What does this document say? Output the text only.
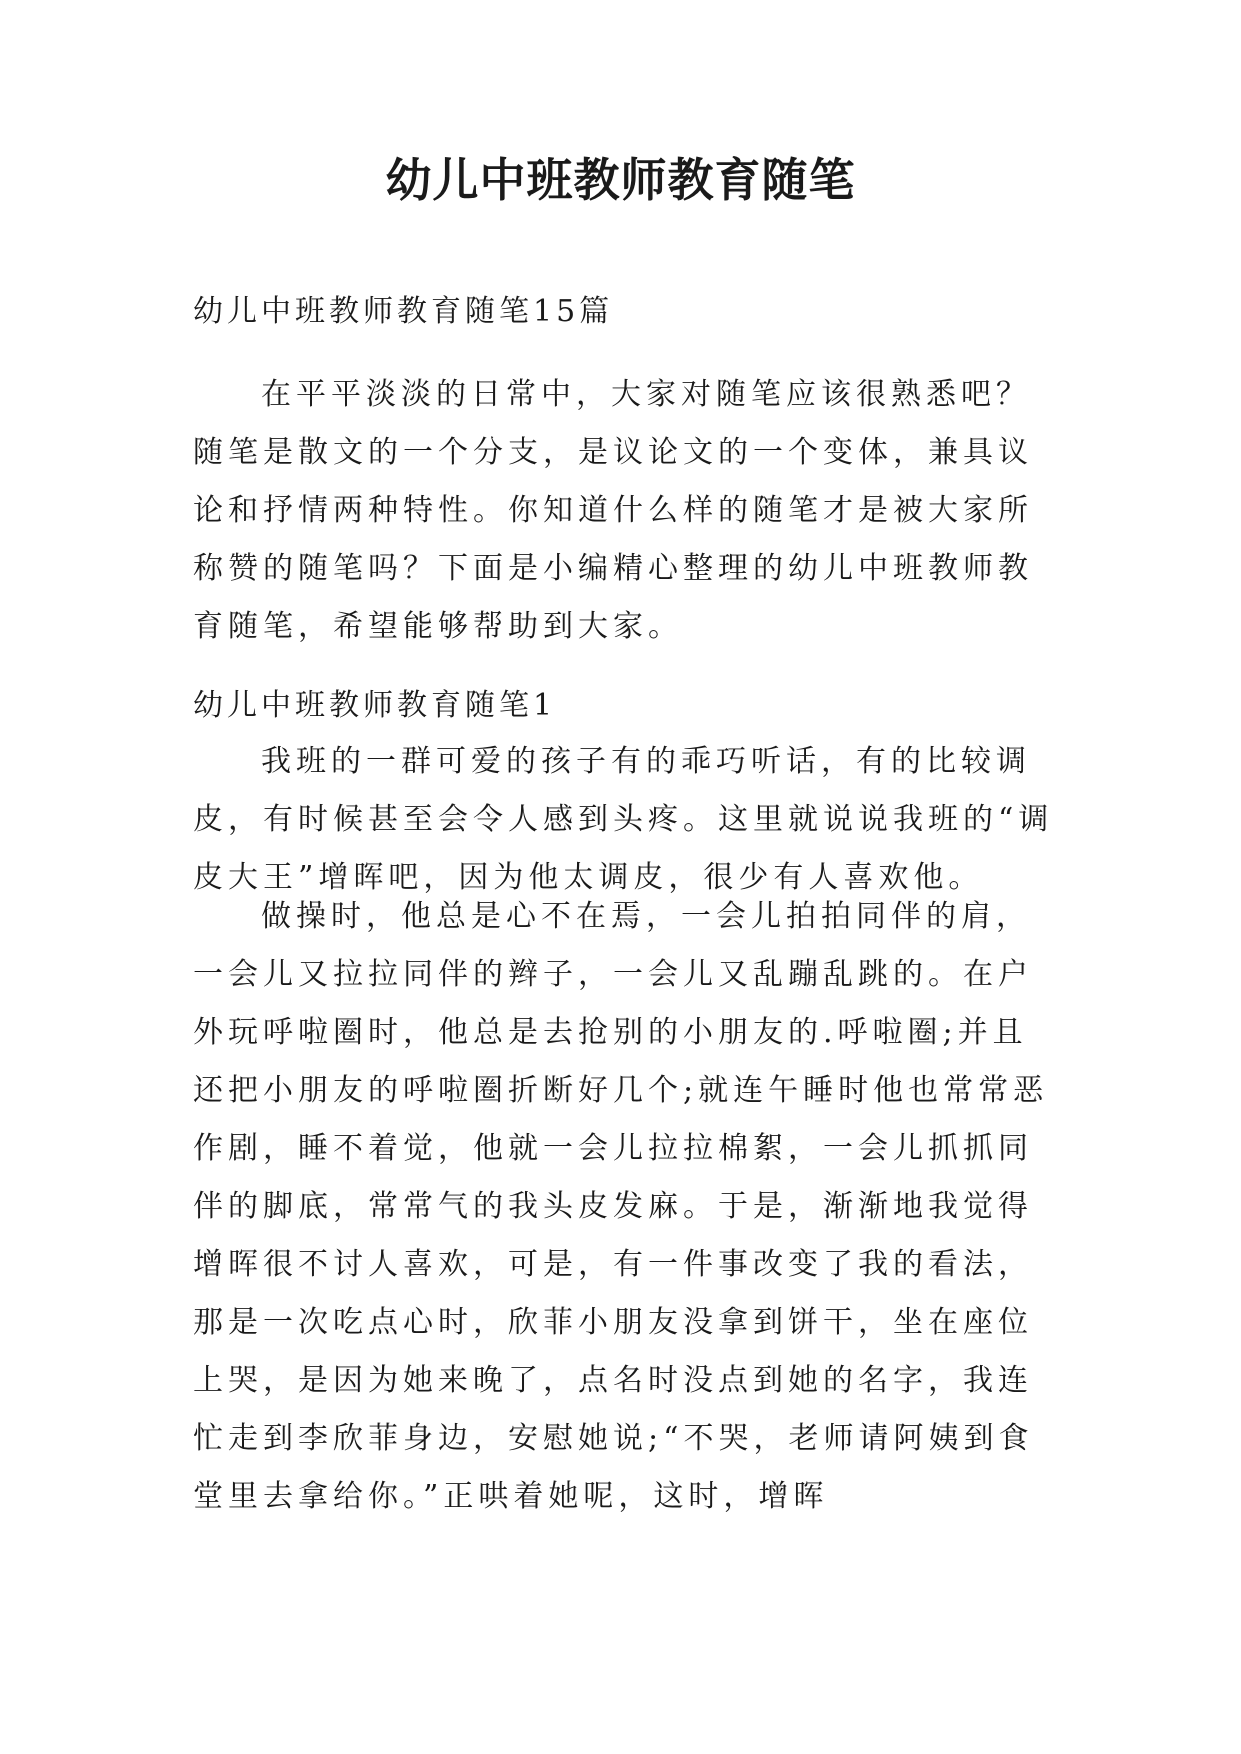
幼儿中班教师教育随笔

幼儿中班教师教育随笔15篇

在平平淡淡的日常中，大家对随笔应该很熟悉吧？随笔是散文的一个分支，是议论文的一个变体，兼具议论和抒情两种特性。你知道什么样的随笔才是被大家所称赞的随笔吗？下面是小编精心整理的幼儿中班教师教育随笔，希望能够帮助到大家。

幼儿中班教师教育随笔1

我班的一群可爱的孩子有的乖巧听话，有的比较调皮，有时候甚至会令人感到头疼。这里就说说我班的“调皮大王”增晖吧，因为他太调皮，很少有人喜欢他。

做操时，他总是心不在焉，一会儿拍拍同伴的肩，一会儿又拉拉同伴的辫子，一会儿又乱蹦乱跳的。在户外玩呼啦圈时，他总是去抢别的小朋友的.呼啦圈;并且还把小朋友的呼啦圈折断好几个;就连午睡时他也常常恶作剧，睡不着觉，他就一会儿拉拉棉絮，一会儿抓抓同伴的脚底，常常气的我头皮发麻。于是，渐渐地我觉得增晖很不讨人喜欢，可是，有一件事改变了我的看法，那是一次吃点心时，欣菲小朋友没拿到饼干，坐在座位上哭，是因为她来晚了，点名时没点到她的名字，我连忙走到李欣菲身边，安慰她说;“不哭，老师请阿姨到食堂里去拿给你。”正哄着她呢，这时，增晖
